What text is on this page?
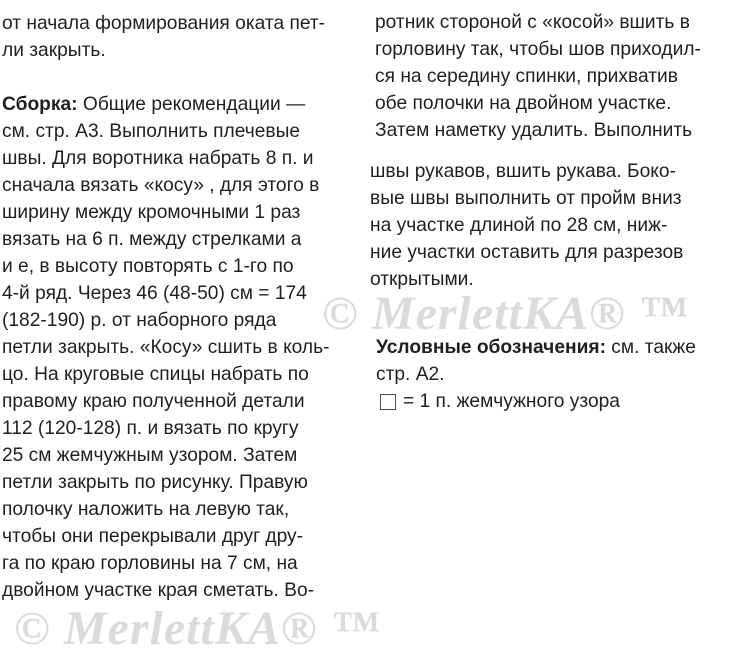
от начала формирования оката пет-
ли закрыть.
Сборка: Общие рекомендации —
см. стр. А3. Выполнить плечевые
швы. Для воротника набрать 8 п. и
сначала вязать «косу» , для этого в
ширину между кромочными 1 раз
вязать на 6 п. между стрелками а
и е, в высоту повторять с 1-го по
4-й ряд. Через 46 (48-50) см = 174
(182-190) р. от наборного ряда
петли закрыть. «Косу» сшить в коль-
цо. На круговые спицы набрать по
правому краю полученной детали
112 (120-128) п. и вязать по кругу
25 см жемчужным узором. Затем
петли закрыть по рисунку. Правую
полочку наложить на левую так,
чтобы они перекрывали друг дру-
га по краю горловины на 7 см, на
двойном участке края сметать. Во-
ротник стороной с «косой» вшить в
горловину так, чтобы шов приходил-
ся на середину спинки, прихватив
обе полочки на двойном участке.
Затем наметку удалить. Выполнить
швы рукавов, вшить рукава. Боко-
вые швы выполнить от пройм вниз
на участке длиной по 28 см, ниж-
ние участки оставить для разрезов
открытыми.
Условные обозначения: см. также
стр. А2.
= 1 п. жемчужного узора
© MerlettKA® ™
© MerlettKA® ™
